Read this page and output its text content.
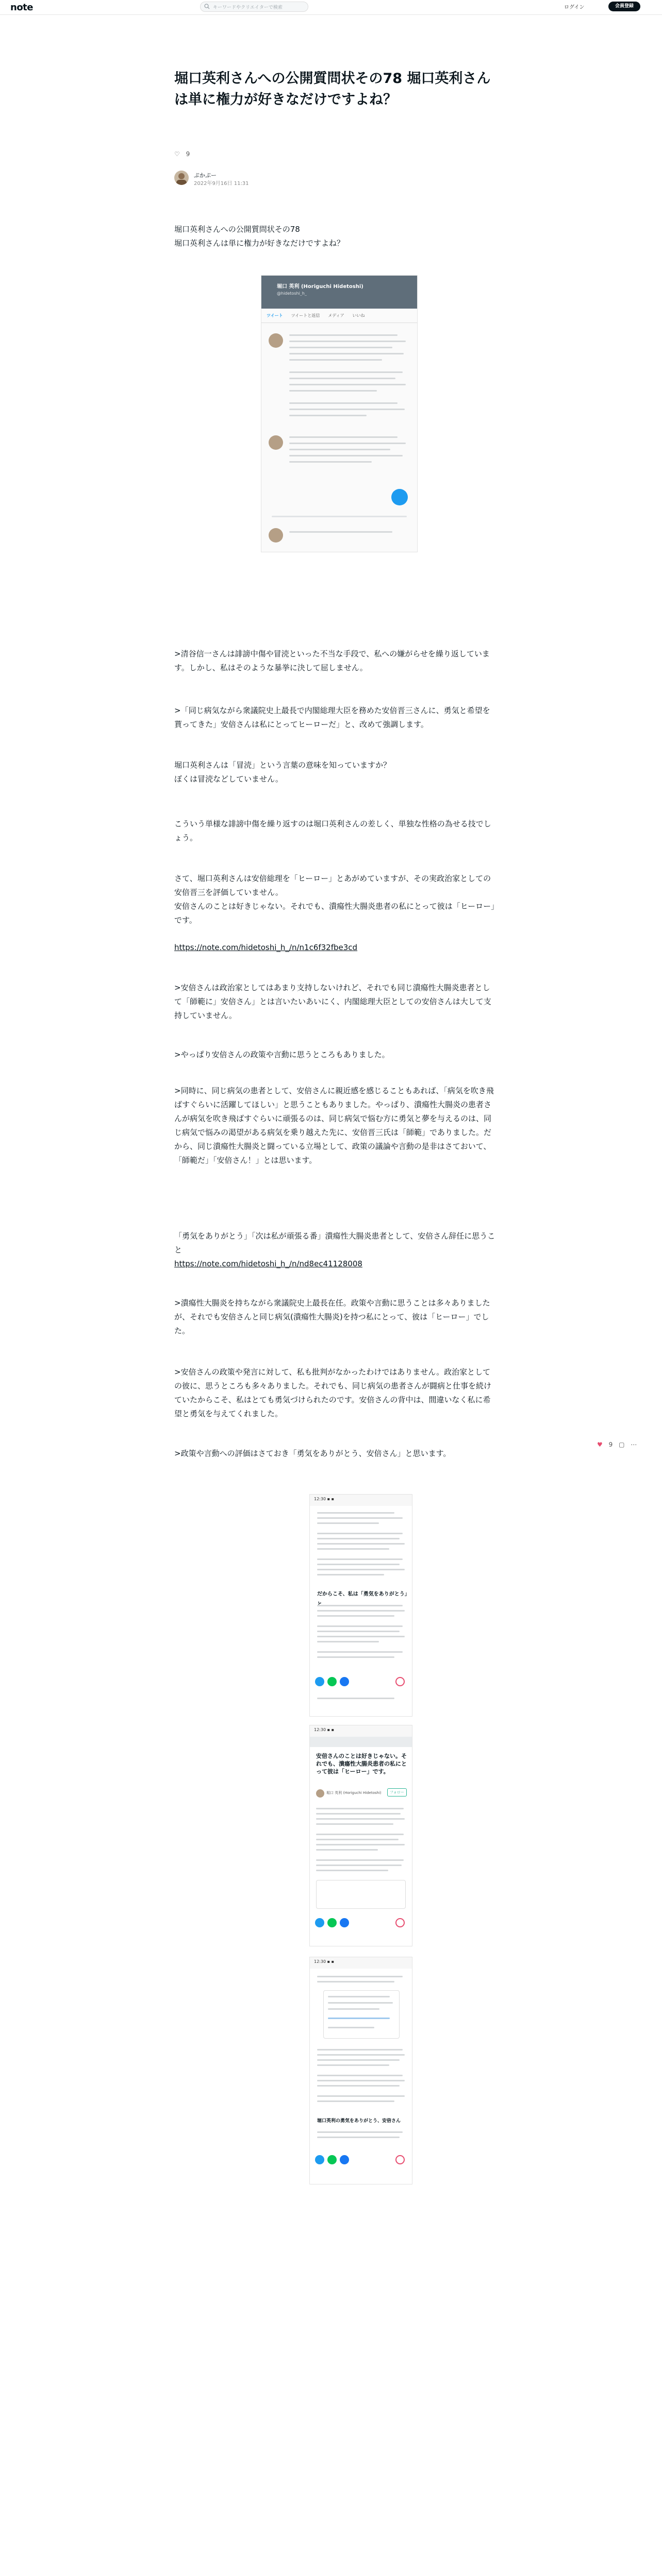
note	キーワードやクリエイターで検索	ログイン	会員登録
堀口英利さんへの公開質問状その78 堀口英利さんは単に権力が好きなだけですよね？
♡ 9
ぷかぷー
2022年9月16日 11:31

堀口英利さんへの公開質問状その78
堀口英利さんは単に権力が好きなだけですよね？

堀口 英利 (Horiguchi Hidetoshi)
@hidetoshi_h_
ツイート ツイートと返信 メディア いいね

>清谷信一さんは誹謗中傷や冒涜といった不当な手段で、私への嫌がらせを繰り返しています。しかし、私はそのような暴挙に決して屈しません。

>「同じ病気ながら衆議院史上最長で内閣総理大臣を務めた安倍晋三さんに、勇気と希望を貰ってきた」安倍さんは私にとってヒーローだ」と、改めて強調します。

堀口英利さんは「冒涜」という言葉の意味を知っていますか？
ぼくは冒涜などしていません。

こういう単様な誹謗中傷を繰り返すのは堀口英利さんの差しく、単独な性格の為せる技でしょう。

さて、堀口英利さんは安倍総理を「ヒーロー」とあがめていますが、その実政治家としての安倍晋三を評価していません。
安倍さんのことは好きじゃない。それでも、潰瘍性大腸炎患者の私にとって彼は「ヒーロー」です。

https://note.com/hidetoshi_h_/n/n1c6f32fbe3cd

>安倍さんは政治家としてはあまり支持しないけれど、それでも同じ潰瘍性大腸炎患者として「師範に」安倍さん」とは言いたいあいにく、内閣総理大臣としての安倍さんは大して支持していません。

>やっぱり安倍さんの政策や言動に思うところもありました。

>同時に、同じ病気の患者として、安倍さんに親近感を感じることもあれば、「病気を吹き飛ばすぐらいに活躍してほしい」と思うこともありました。やっぱり、潰瘍性大腸炎の患者さんが病気を吹き飛ばすぐらいに頑張るのは、同じ病気で悩む方に勇気と夢を与えるのは、同じ病気で悩みの渇望がある病気を乗り越えた先に、安倍晋三氏は「師範」でありました。だから、同じ潰瘍性大腸炎と闘っている立場として、政策の議論や言動の是非はさておいて、「師範だ」「安倍さん！」とは思います。

「勇気をありがとう」「次は私が頑張る番」潰瘍性大腸炎患者として、安倍さん辞任に思うこと

https://note.com/hidetoshi_h_/n/nd8ec41128008

>潰瘍性大腸炎を持ちながら衆議院史上最長在任。政策や言動に思うことは多々ありましたが、それでも安倍さんと同じ病気(潰瘍性大腸炎)を持つ私にとって、彼は「ヒーロー」でした。

>安倍さんの政策や発言に対して、私も批判がなかったわけではありません。政治家としての彼に、思うところも多々ありました。それでも、同じ病気の患者さんが闘病と仕事を続けていたからこそ、私はとても勇気づけられたのです。安倍さんの背中は、間違いなく私に希望と勇気を与えてくれました。

>政策や言動への評価はさておき「勇気をありがとう、安倍さん」と思います。

12:30 ▪ ▪
だからこそ、私は「勇気をありがとう」
12:30 ▪ ▪
安倍さんのことは好きじゃない。それでも、潰瘍性大腸炎患者の私にとって彼は「ヒーロー」です。
堀口 英利 (Horiguchi Hidetoshi)	フォロー
♥ 9 ▢ ⋯
12:30 ▪ ▪
堀口英利の勇気をありがとう、安倍さん
